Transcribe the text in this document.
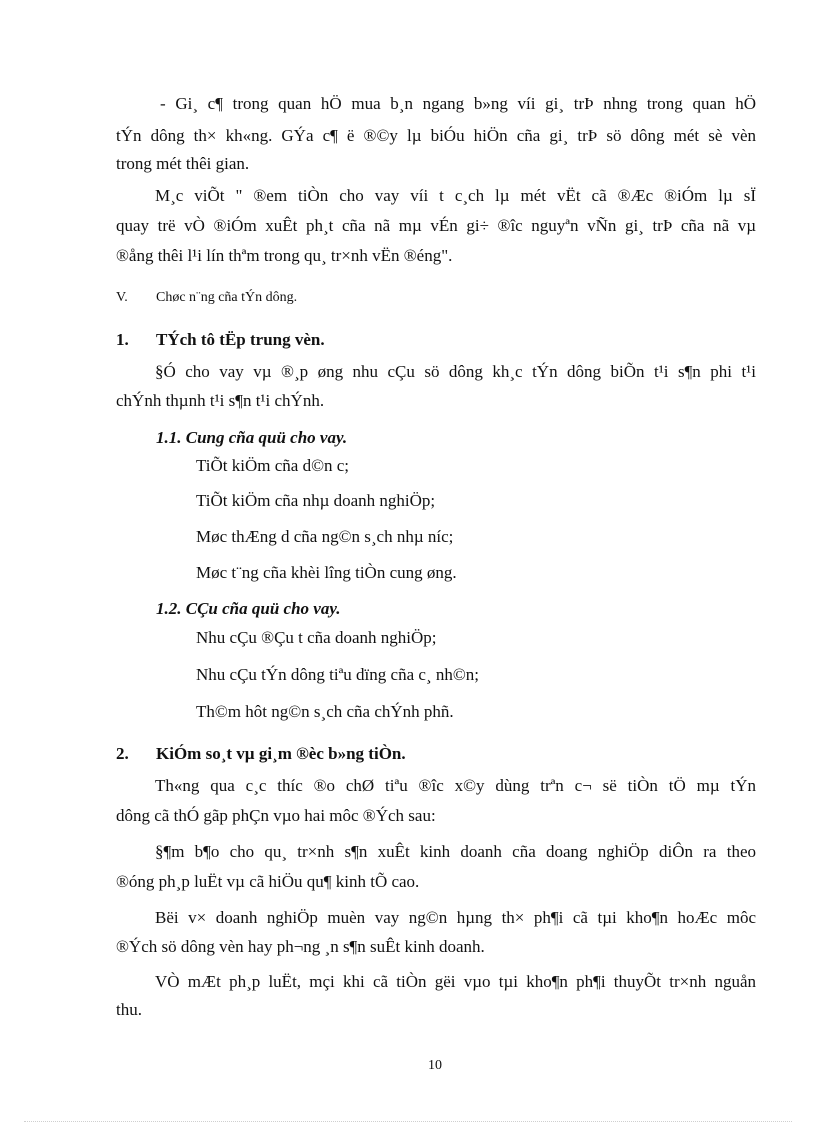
- Gi¸ c¶ trong quan hÖ mua b¸n ngang b»ng víi gi¸ trÞ nhng trong quan hÖ
tÝn dông th× kh«ng. GÝa c¶ ë ®©y lµ biÓu hiÖn cña gi¸ trÞ sö dông mét sè vèn
trong mét thêi gian.
M¸c viÕt " ®em tiÒn cho vay víi t c¸ch lµ mét vËt cã ®Æc ®iÓm lµ sÏ
quay trë vÒ ®iÓm xuÊt ph¸t cña nã mµ vÉn gi÷ ®îc nguyªn vÑn gi¸ trÞ cña nã vµ
®ång thêi l¹i lín thªm trong qu¸ tr×nh vËn ®éng".
V. Chøc n¨ng cña tÝn dông.
1. TÝch tô tËp trung vèn.
§Ó cho vay vµ ®¸p øng nhu cÇu sö dông kh¸c tÝn dông biÕn t¹i s¶n phi t¹i
chÝnh thµnh t¹i s¶n t¹i chÝnh.
1.1. Cung cña quü cho vay.
TiÕt kiÖm cña d©n c;
TiÕt kiÖm cña nhµ doanh nghiÖp;
Møc thÆng d cña ng©n s¸ch nhµ níc;
Møc t¨ng cña khèi lîng tiÒn cung øng.
1.2. CÇu cña quü cho vay.
Nhu cÇu ®Çu t cña doanh nghiÖp;
Nhu cÇu tÝn dông tiªu dïng cña c¸ nh©n;
Th©m hôt ng©n s¸ch cña chÝnh phñ.
2. KiÓm so¸t vµ gi¸m ®èc b»ng tiÒn.
Th«ng qua c¸c thíc ®o chØ tiªu ®îc x©y dùng trªn c¬ së tiÒn tÖ mµ tÝn
dông cã thÓ gãp phÇn vµo hai môc ®Ých sau:
§¶m b¶o cho qu¸ tr×nh s¶n xuÊt kinh doanh cña doang nghiÖp diÔn ra theo
®óng ph¸p luËt vµ cã hiÖu qu¶ kinh tÕ cao.
Bëi v× doanh nghiÖp muèn vay ng©n hµng th× ph¶i cã tµi kho¶n hoÆc môc
®Ých sö dông vèn hay ph¬ng ¸n s¶n suÊt kinh doanh.
VÒ mÆt ph¸p luËt, mçi khi cã tiÒn gëi vµo tµi kho¶n ph¶i thuyÕt tr×nh nguån
thu.
10
